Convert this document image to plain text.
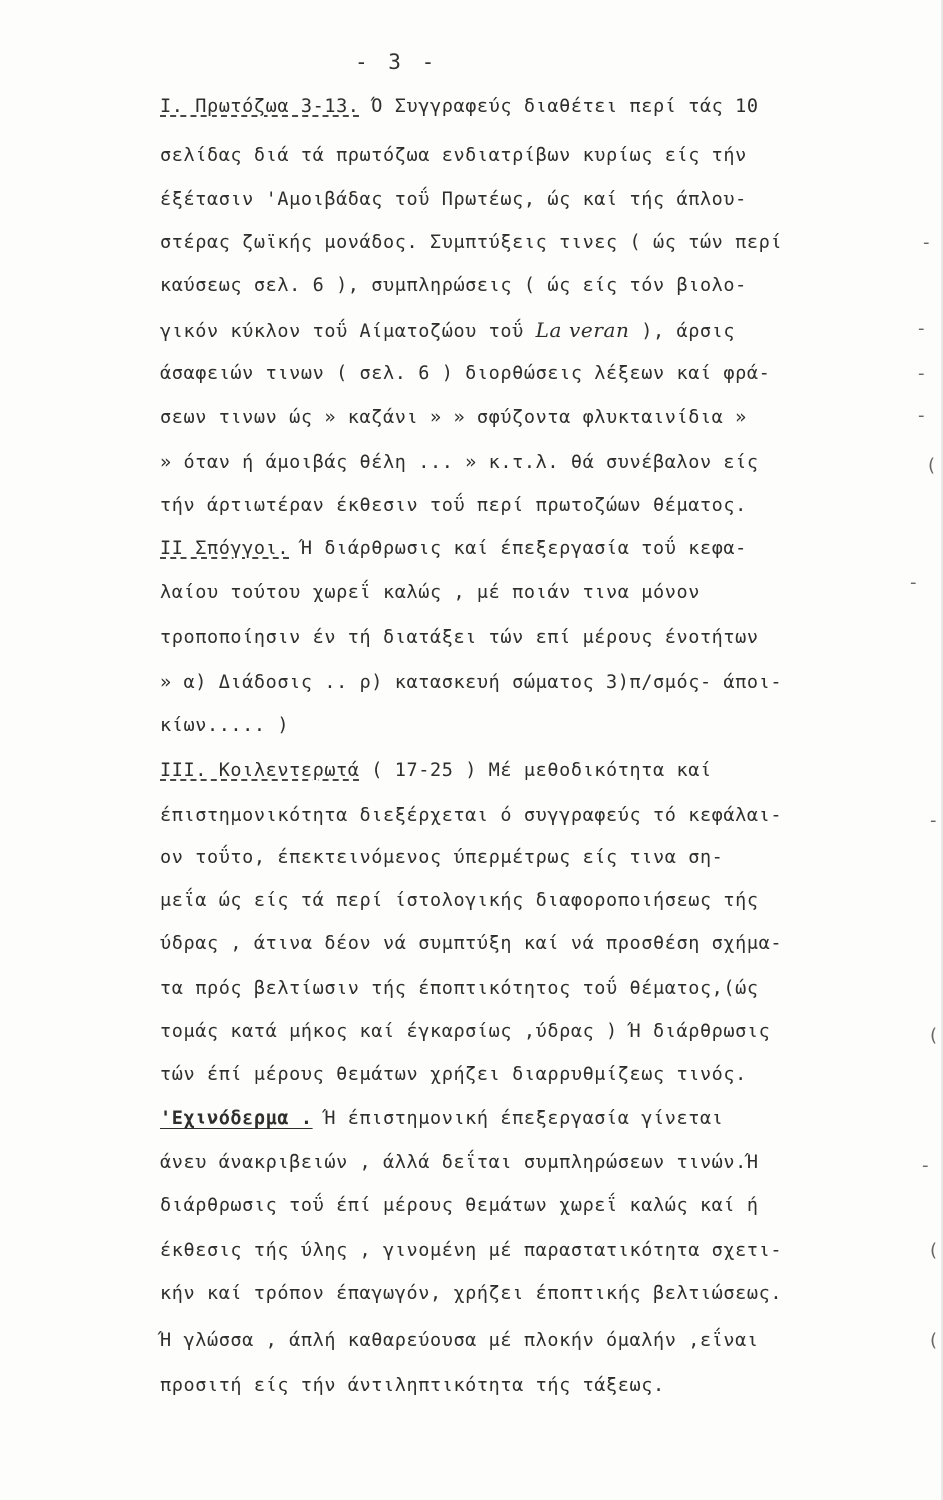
- 3 -
I. Πρωτόζωα 3-13. Ό Συγγραφεύς διαθέτει περί τάς 10
σελίδας διά τά πρωτόζωα ενδιατρίβων κυρίως είς τήν
έξέτασιν 'Αμοιβάδας τοΰ Πρωτέως, ώς καί τής άπλου-
στέρας ζωϊκής μονάδος. Συμπτύξεις τινες ( ώς τών περί
καύσεως σελ. 6 ), συμπληρώσεις ( ώς είς τόν βιολο-
γικόν κύκλον τοΰ Αίματοζώου τοΰ La veran ), άρσις
άσαφειών τινων ( σελ. 6 ) διορθώσεις λέξεων καί φρά-
σεων τινων ώς » καζάνι » » σφύζοντα φλυκταινίδια »
» όταν ή άμοιβάς θέλη ... » κ.τ.λ. θά συνέβαλον είς
τήν άρτιωτέραν έκθεσιν τοΰ περί πρωτοζώων θέματος.
II Σπόγγοι. Ή διάρθρωσις καί έπεξεργασία τοΰ κεφα-
λαίου τούτου χωρεΐ καλώς , μέ ποιάν τινα μόνον
τροποποίησιν έν τή διατάξει τών επί μέρους ένοτήτων
» α) Διάδοσις .. ρ) κατασκευή σώματος 3)π/σμός- άποι-
κίων..... )
III. Κοιλεντερωτά ( 17-25 ) Μέ μεθοδικότητα καί
έπιστημονικότητα διεξέρχεται ό συγγραφεύς τό κεφάλαι-
ον τοΰτο, έπεκτεινόμενος ύπερμέτρως είς τινα ση-
μεΐα ώς είς τά περί ίστολογικής διαφοροποιήσεως τής
ύδρας , άτινα δέον νά συμπτύξη καί νά προσθέση σχήμα-
τα πρός βελτίωσιν τής έποπτικότητος τοΰ θέματος,(ώς
τομάς κατά μήκος καί έγκαρσίως ,ύδρας ) Ή διάρθρωσις
τών έπί μέρους θεμάτων χρήζει διαρρυθμίζεως τινός.
'Εχινόδερμα . Ή έπιστημονική έπεξεργασία γίνεται
άνευ άνακριβειών , άλλά δεΐται συμπληρώσεων τινών.Ή
διάρθρωσις τοΰ έπί μέρους θεμάτων χωρεΐ καλώς καί ή
έκθεσις τής ύλης , γινομένη μέ παραστατικότητα σχετι-
κήν καί τρόπον έπαγωγόν, χρήζει έποπτικής βελτιώσεως.
Ή γλώσσα , άπλή καθαρεύουσα μέ πλοκήν όμαλήν ,εΐναι
προσιτή είς τήν άντιληπτικότητα τής τάξεως.
-
-
-
-
(
-
-
(
-
(
(
